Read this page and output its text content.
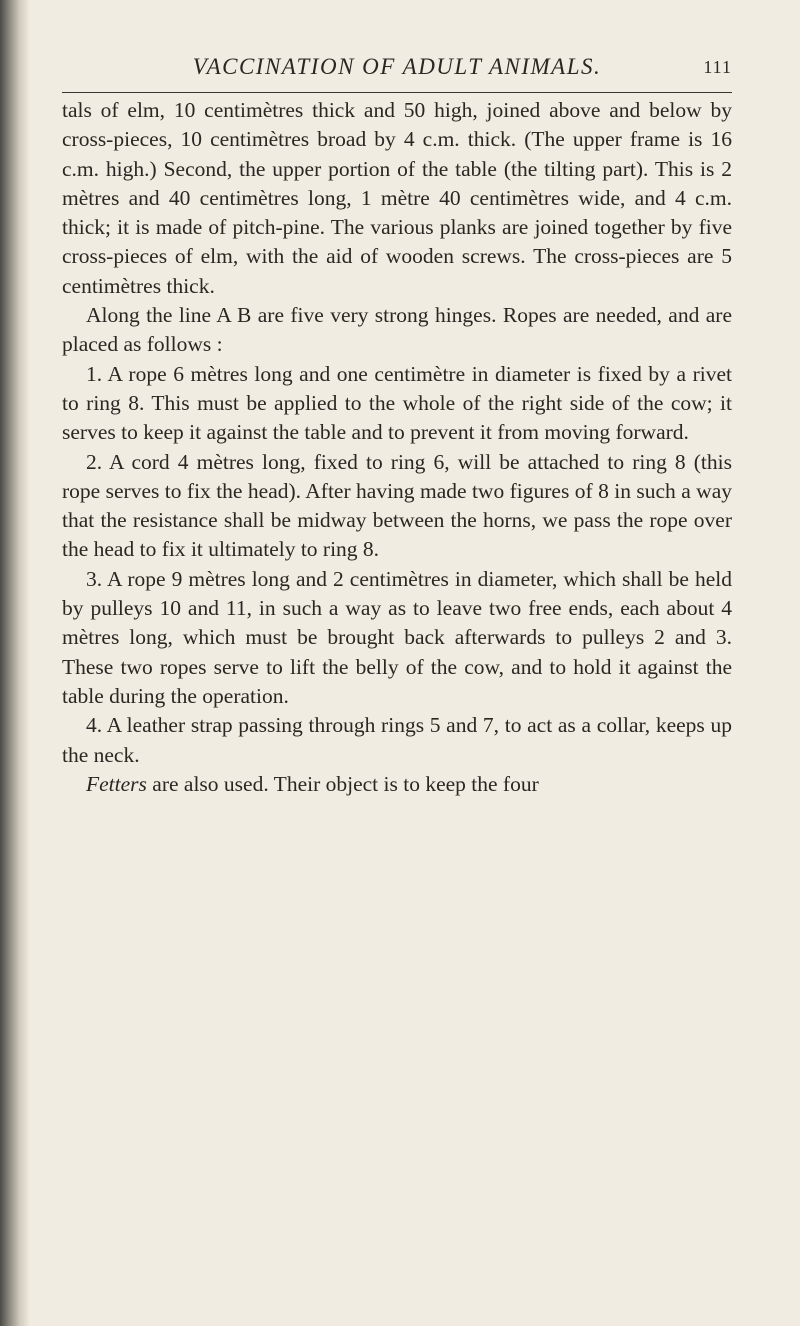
VACCINATION OF ADULT ANIMALS.	111

tals of elm, 10 centimètres thick and 50 high, joined above and below by cross-pieces, 10 centimètres broad by 4 c.m. thick. (The upper frame is 16 c.m. high.) Second, the upper portion of the table (the tilting part). This is 2 mètres and 40 centimètres long, 1 mètre 40 centimètres wide, and 4 c.m. thick; it is made of pitch-pine. The various planks are joined together by five cross-pieces of elm, with the aid of wooden screws. The cross-pieces are 5 centimètres thick.

Along the line A B are five very strong hinges. Ropes are needed, and are placed as follows :

1. A rope 6 mètres long and one centimètre in diameter is fixed by a rivet to ring 8. This must be applied to the whole of the right side of the cow; it serves to keep it against the table and to prevent it from moving forward.

2. A cord 4 mètres long, fixed to ring 6, will be attached to ring 8 (this rope serves to fix the head). After having made two figures of 8 in such a way that the resistance shall be midway between the horns, we pass the rope over the head to fix it ultimately to ring 8.

3. A rope 9 mètres long and 2 centimètres in diameter, which shall be held by pulleys 10 and 11, in such a way as to leave two free ends, each about 4 mètres long, which must be brought back afterwards to pulleys 2 and 3. These two ropes serve to lift the belly of the cow, and to hold it against the table during the operation.

4. A leather strap passing through rings 5 and 7, to act as a collar, keeps up the neck.

Fetters are also used. Their object is to keep the four
